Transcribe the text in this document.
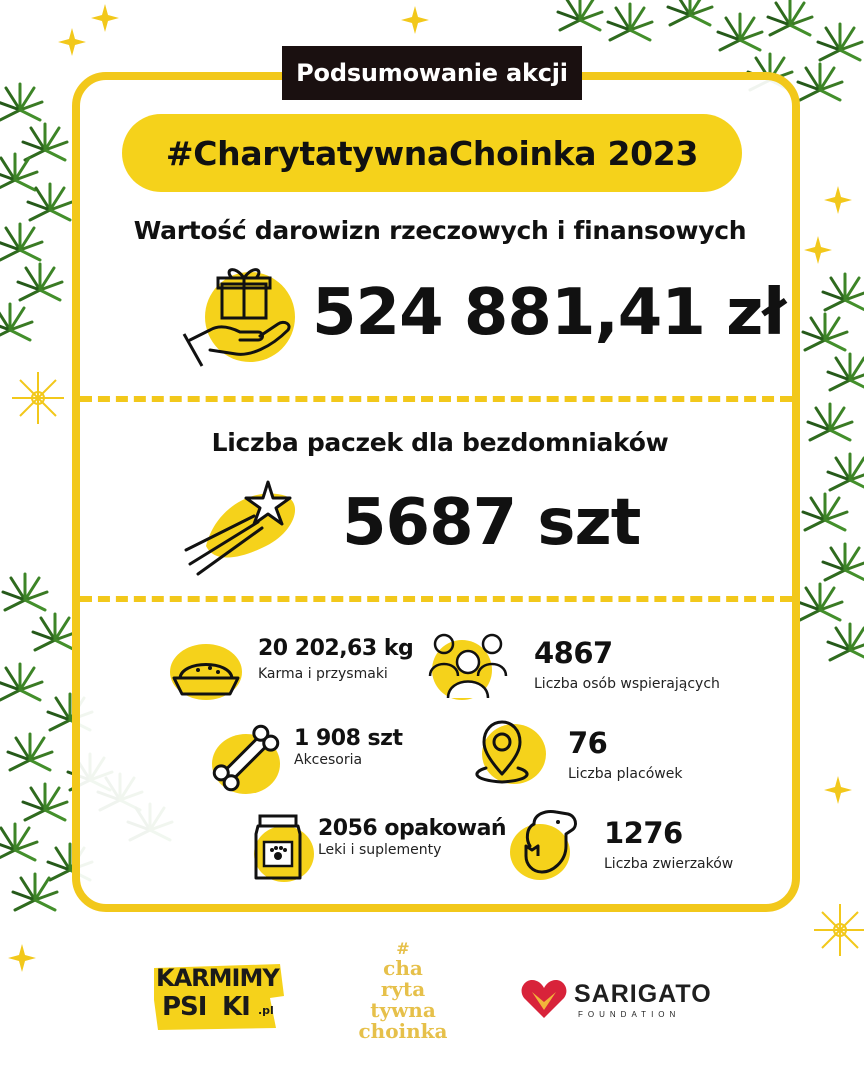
Podsumowanie akcji
#CharytatywnaChoinka 2023
Wartość darowizn rzeczowych i finansowych
524 881,41 zł
Liczba paczek dla bezdomniaków
5687 szt
20 202,63 kg
Karma i przysmaki
4867
Liczba osób wspierających
1 908 szt
Akcesoria	76
Liczba placówek
2056 opakowań
Leki i suplementy	1276
Liczba zwierzaków
KARMIMY
PSI KI .pl
#
cha
ryta
tywna
choinka
SARIGATO
FOUNDATION
